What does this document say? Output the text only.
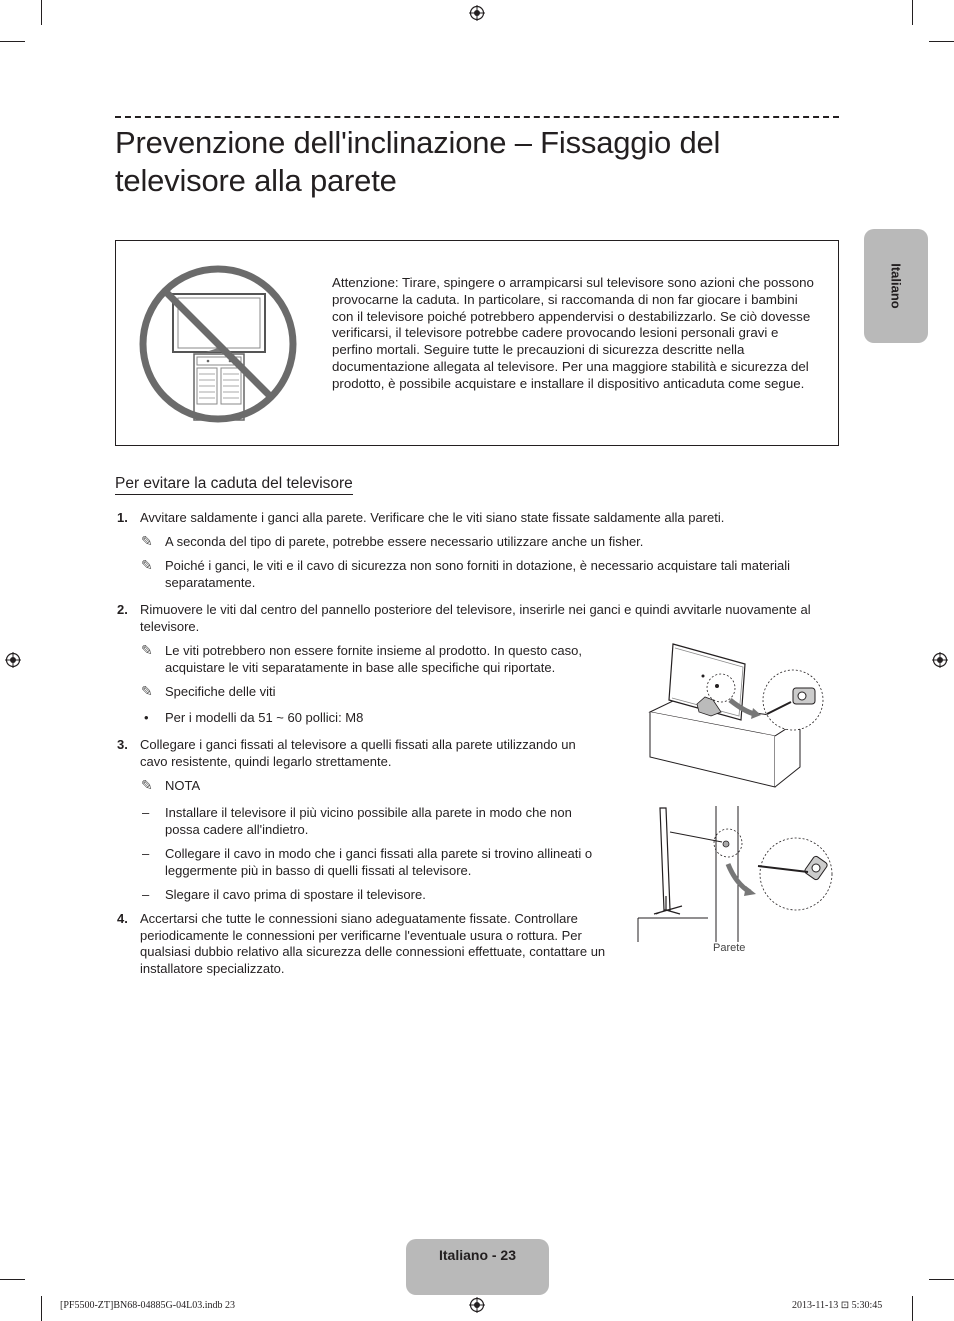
Prevenzione dell'inclinazione – Fissaggio del televisore alla parete
Italiano

Attenzione: Tirare, spingere o arrampicarsi sul televisore sono azioni che possono provocarne la caduta. In particolare, si raccomanda di non far giocare i bambini con il televisore poiché potrebbero appendervisi o destabilizzarlo. Se ciò dovesse verificarsi, il televisore potrebbe cadere provocando lesioni personali gravi e perfino mortali. Seguire tutte le precauzioni di sicurezza descritte nella documentazione allegata al televisore. Per una maggiore stabilità e sicurezza del prodotto, è possibile acquistare e installare il dispositivo anticaduta come segue.

Per evitare la caduta del televisore
1. Avvitare saldamente i ganci alla parete. Verificare che le viti siano state fissate saldamente alla pareti.

✎ A seconda del tipo di parete, potrebbe essere necessario utilizzare anche un fisher.

✎ Poiché i ganci, le viti e il cavo di sicurezza non sono forniti in dotazione, è necessario acquistare tali materiali separatamente.

2. Rimuovere le viti dal centro del pannello posteriore del televisore, inserirle nei ganci e quindi avvitarle nuovamente al televisore.

✎ Le viti potrebbero non essere fornite insieme al prodotto. In questo caso, acquistare le viti separatamente in base alle specifiche qui riportate.

✎ Specifiche delle viti

• Per i modelli da 51 ~ 60 pollici: M8

3. Collegare i ganci fissati al televisore a quelli fissati alla parete utilizzando un cavo resistente, quindi legarlo strettamente.

✎ NOTA

– Installare il televisore il più vicino possibile alla parete in modo che non possa cadere all'indietro.

– Collegare il cavo in modo che i ganci fissati alla parete si trovino allineati o leggermente più in basso di quelli fissati al televisore.

– Slegare il cavo prima di spostare il televisore.

4. Accertarsi che tutte le connessioni siano adeguatamente fissate. Controllare periodicamente le connessioni per verificarne l'eventuale usura o rottura. Per qualsiasi dubbio relativo alla sicurezza delle connessioni effettuate, contattare un installatore specializzato.

Parete
Italiano - 23
[PF5500-ZT]BN68-04885G-04L03.indb 23	2013-11-13 ⊡ 5:30:45
